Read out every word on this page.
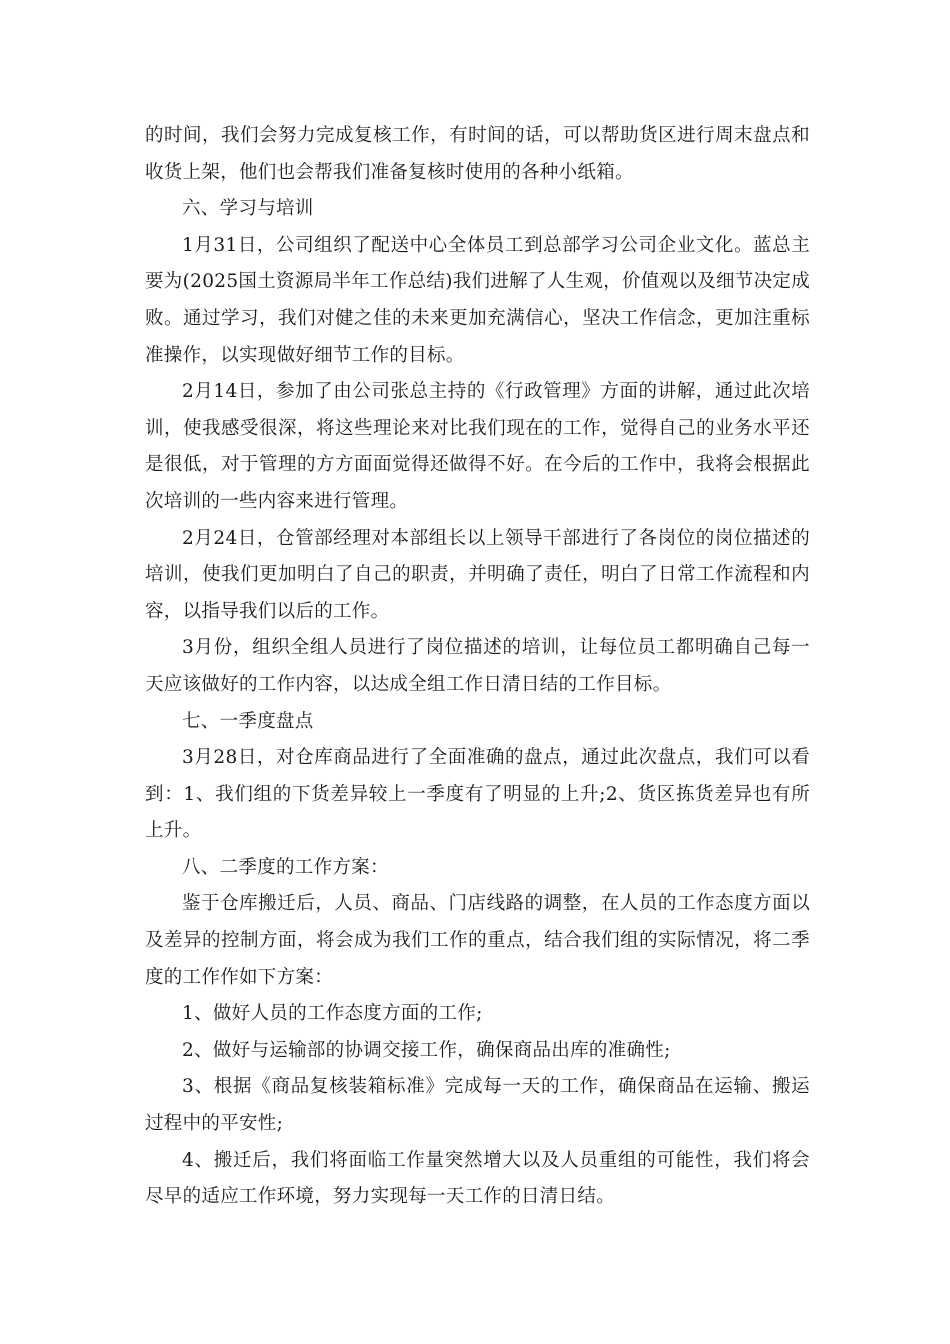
的时间，我们会努力完成复核工作，有时间的话，可以帮助货区进行周末盘点和收货上架，他们也会帮我们准备复核时使用的各种小纸箱。

六、学习与培训

1月31日，公司组织了配送中心全体员工到总部学习公司企业文化。蓝总主要为(2025国土资源局半年工作总结)我们进解了人生观，价值观以及细节决定成败。通过学习，我们对健之佳的未来更加充满信心，坚决工作信念，更加注重标准操作，以实现做好细节工作的目标。

2月14日，参加了由公司张总主持的《行政管理》方面的讲解，通过此次培训，使我感受很深，将这些理论来对比我们现在的工作，觉得自己的业务水平还是很低，对于管理的方方面面觉得还做得不好。在今后的工作中，我将会根据此次培训的一些内容来进行管理。

2月24日，仓管部经理对本部组长以上领导干部进行了各岗位的岗位描述的培训，使我们更加明白了自己的职责，并明确了责任，明白了日常工作流程和内容，以指导我们以后的工作。

3月份，组织全组人员进行了岗位描述的培训，让每位员工都明确自己每一天应该做好的工作内容，以达成全组工作日清日结的工作目标。

七、一季度盘点

3月28日，对仓库商品进行了全面准确的盘点，通过此次盘点，我们可以看到：1、我们组的下货差异较上一季度有了明显的上升;2、货区拣货差异也有所上升。

八、二季度的工作方案：

鉴于仓库搬迁后，人员、商品、门店线路的调整，在人员的工作态度方面以及差异的控制方面，将会成为我们工作的重点，结合我们组的实际情况，将二季度的工作作如下方案：

1、做好人员的工作态度方面的工作;

2、做好与运输部的协调交接工作，确保商品出库的准确性;

3、根据《商品复核装箱标准》完成每一天的工作，确保商品在运输、搬运过程中的平安性;

4、搬迁后，我们将面临工作量突然增大以及人员重组的可能性，我们将会尽早的适应工作环境，努力实现每一天工作的日清日结。
